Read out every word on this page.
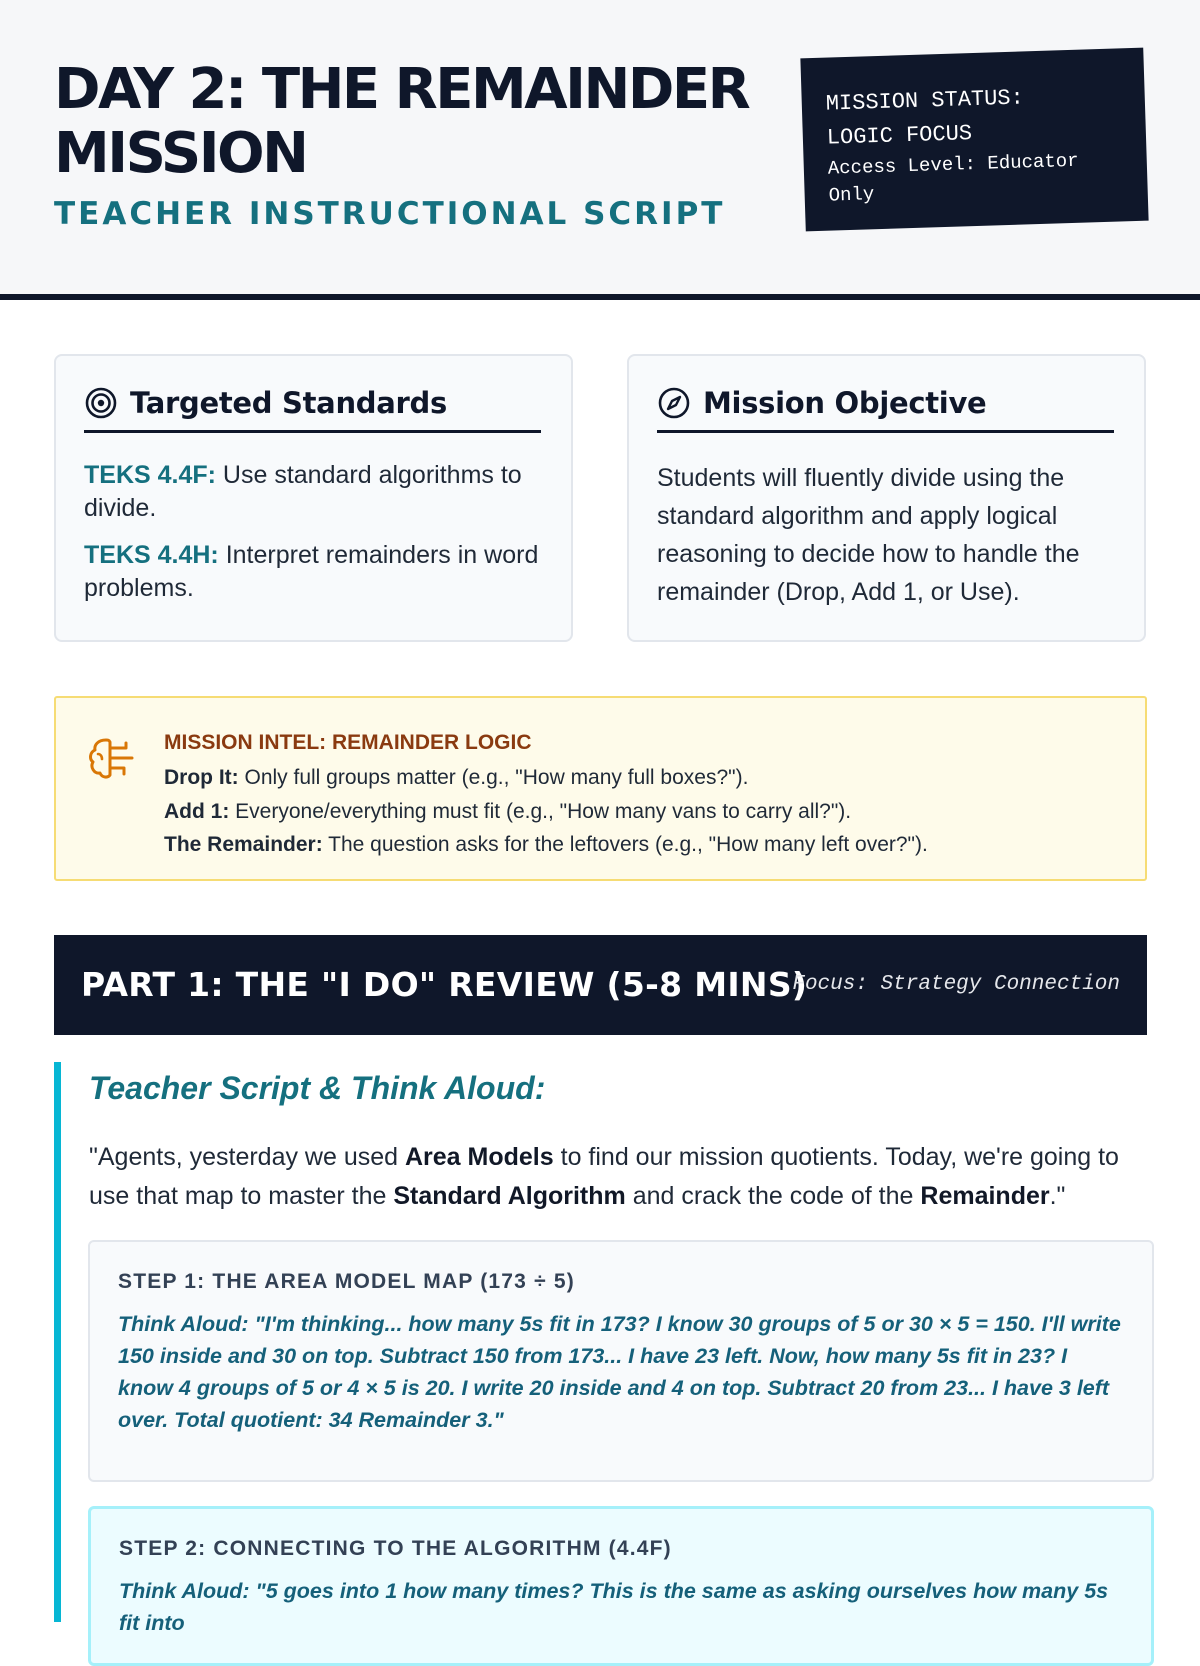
DAY 2: THE REMAINDER MISSION
TEACHER INSTRUCTIONAL SCRIPT
MISSION STATUS:
LOGIC FOCUS
Access Level: Educator Only
Targeted Standards
TEKS 4.4F: Use standard algorithms to divide.
TEKS 4.4H: Interpret remainders in word problems.
Mission Objective
Students will fluently divide using the standard algorithm and apply logical reasoning to decide how to handle the remainder (Drop, Add 1, or Use).
MISSION INTEL: REMAINDER LOGIC
Drop It: Only full groups matter (e.g., "How many full boxes?").
Add 1: Everyone/everything must fit (e.g., "How many vans to carry all?").
The Remainder: The question asks for the leftovers (e.g., "How many left over?").
PART 1: THE "I DO" REVIEW (5-8 MINS)
Focus: Strategy Connection
Teacher Script & Think Aloud:
"Agents, yesterday we used Area Models to find our mission quotients. Today, we're going to use that map to master the Standard Algorithm and crack the code of the Remainder."
STEP 1: THE AREA MODEL MAP (173 ÷ 5)
Think Aloud: "I'm thinking... how many 5s fit in 173? I know 30 groups of 5 or 30 × 5 = 150. I'll write 150 inside and 30 on top. Subtract 150 from 173... I have 23 left. Now, how many 5s fit in 23? I know 4 groups of 5 or 4 × 5 is 20. I write 20 inside and 4 on top. Subtract 20 from 23... I have 3 left over. Total quotient: 34 Remainder 3."
STEP 2: CONNECTING TO THE ALGORITHM (4.4F)
Think Aloud: "5 goes into 1 how many times? This is the same as asking ourselves how many 5s fit into
